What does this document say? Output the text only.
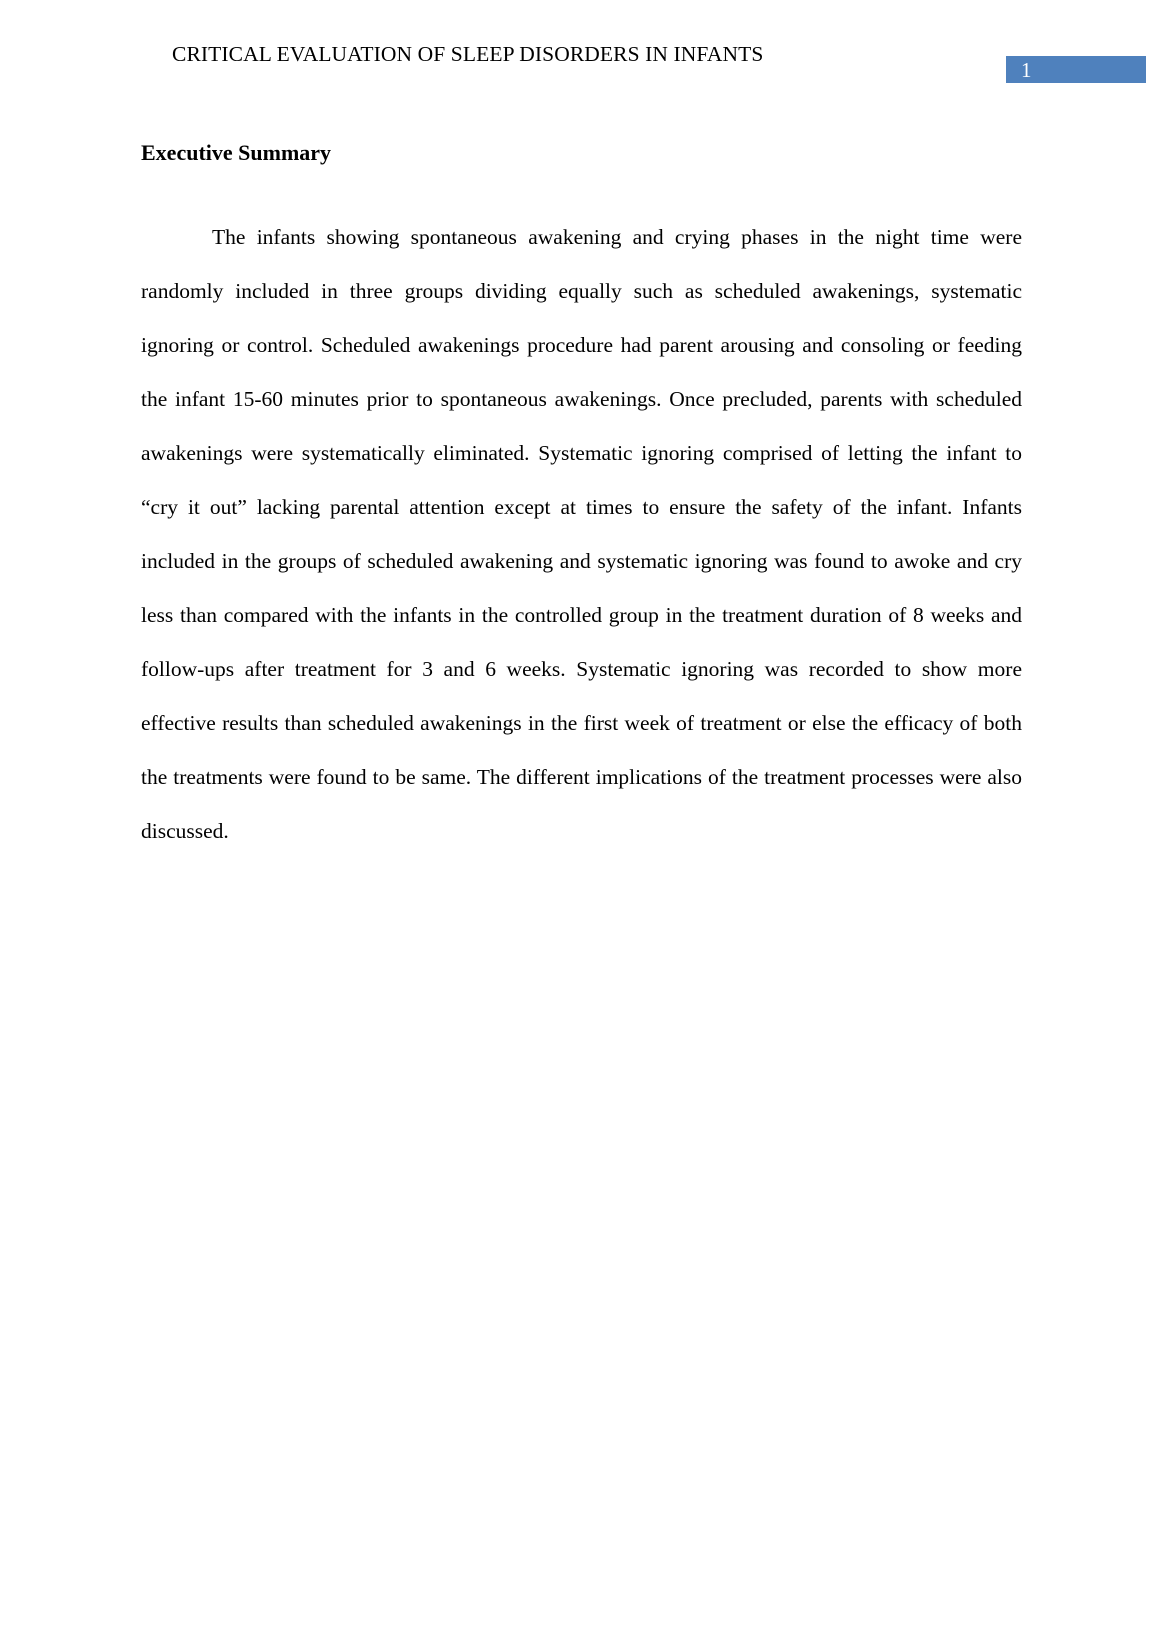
CRITICAL EVALUATION OF SLEEP DISORDERS IN INFANTS
1
Executive Summary

The infants showing spontaneous awakening and crying phases in the night time were randomly included in three groups dividing equally such as scheduled awakenings, systematic ignoring or control. Scheduled awakenings procedure had parent arousing and consoling or feeding the infant 15-60 minutes prior to spontaneous awakenings. Once precluded, parents with scheduled awakenings were systematically eliminated. Systematic ignoring comprised of letting the infant to “cry it out” lacking parental attention except at times to ensure the safety of the infant. Infants included in the groups of scheduled awakening and systematic ignoring was found to awoke and cry less than compared with the infants in the controlled group in the treatment duration of 8 weeks and follow-ups after treatment for 3 and 6 weeks. Systematic ignoring was recorded to show more effective results than scheduled awakenings in the first week of treatment or else the efficacy of both the treatments were found to be same. The different implications of the treatment processes were also discussed.
